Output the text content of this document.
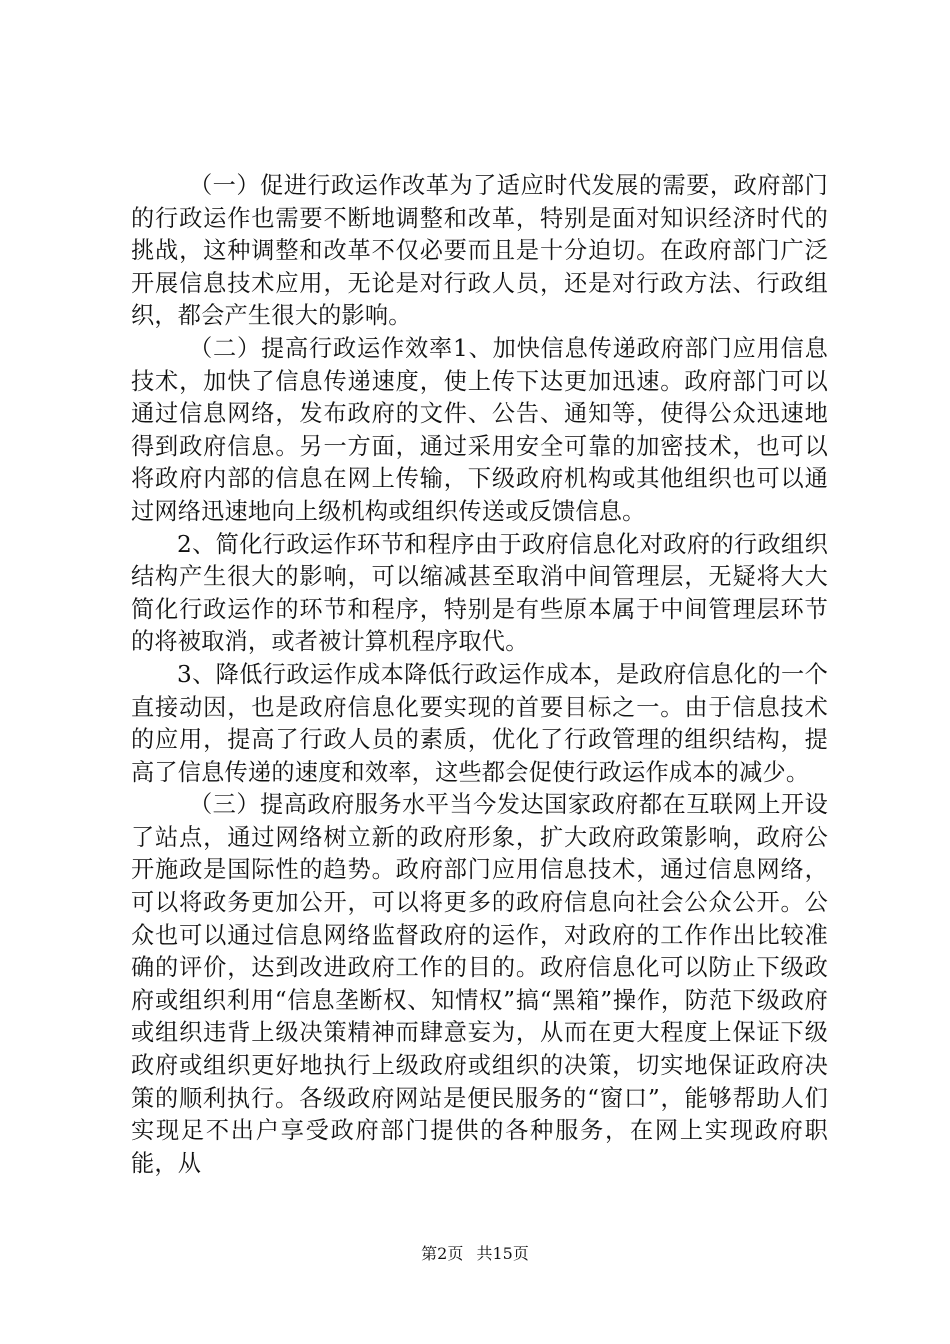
（一）促进行政运作改革为了适应时代发展的需要，政府部门的行政运作也需要不断地调整和改革，特别是面对知识经济时代的挑战，这种调整和改革不仅必要而且是十分迫切。在政府部门广泛开展信息技术应用，无论是对行政人员，还是对行政方法、行政组织，都会产生很大的影响。

（二）提高行政运作效率1、加快信息传递政府部门应用信息技术，加快了信息传递速度，使上传下达更加迅速。政府部门可以通过信息网络，发布政府的文件、公告、通知等，使得公众迅速地得到政府信息。另一方面，通过采用安全可靠的加密技术，也可以将政府内部的信息在网上传输，下级政府机构或其他组织也可以通过网络迅速地向上级机构或组织传送或反馈信息。

2、简化行政运作环节和程序由于政府信息化对政府的行政组织结构产生很大的影响，可以缩减甚至取消中间管理层，无疑将大大简化行政运作的环节和程序，特别是有些原本属于中间管理层环节的将被取消，或者被计算机程序取代。

3、降低行政运作成本降低行政运作成本，是政府信息化的一个直接动因，也是政府信息化要实现的首要目标之一。由于信息技术的应用，提高了行政人员的素质，优化了行政管理的组织结构，提高了信息传递的速度和效率，这些都会促使行政运作成本的减少。

（三）提高政府服务水平当今发达国家政府都在互联网上开设了站点，通过网络树立新的政府形象，扩大政府政策影响，政府公开施政是国际性的趋势。政府部门应用信息技术，通过信息网络，可以将政务更加公开，可以将更多的政府信息向社会公众公开。公众也可以通过信息网络监督政府的运作，对政府的工作作出比较准确的评价，达到改进政府工作的目的。政府信息化可以防止下级政府或组织利用“信息垄断权、知情权”搞“黑箱”操作，防范下级政府或组织违背上级决策精神而肆意妄为，从而在更大程度上保证下级政府或组织更好地执行上级政府或组织的决策，切实地保证政府决策的顺利执行。各级政府网站是便民服务的“窗口”，能够帮助人们实现足不出户享受政府部门提供的各种服务，在网上实现政府职能，从

第2页 共15页
